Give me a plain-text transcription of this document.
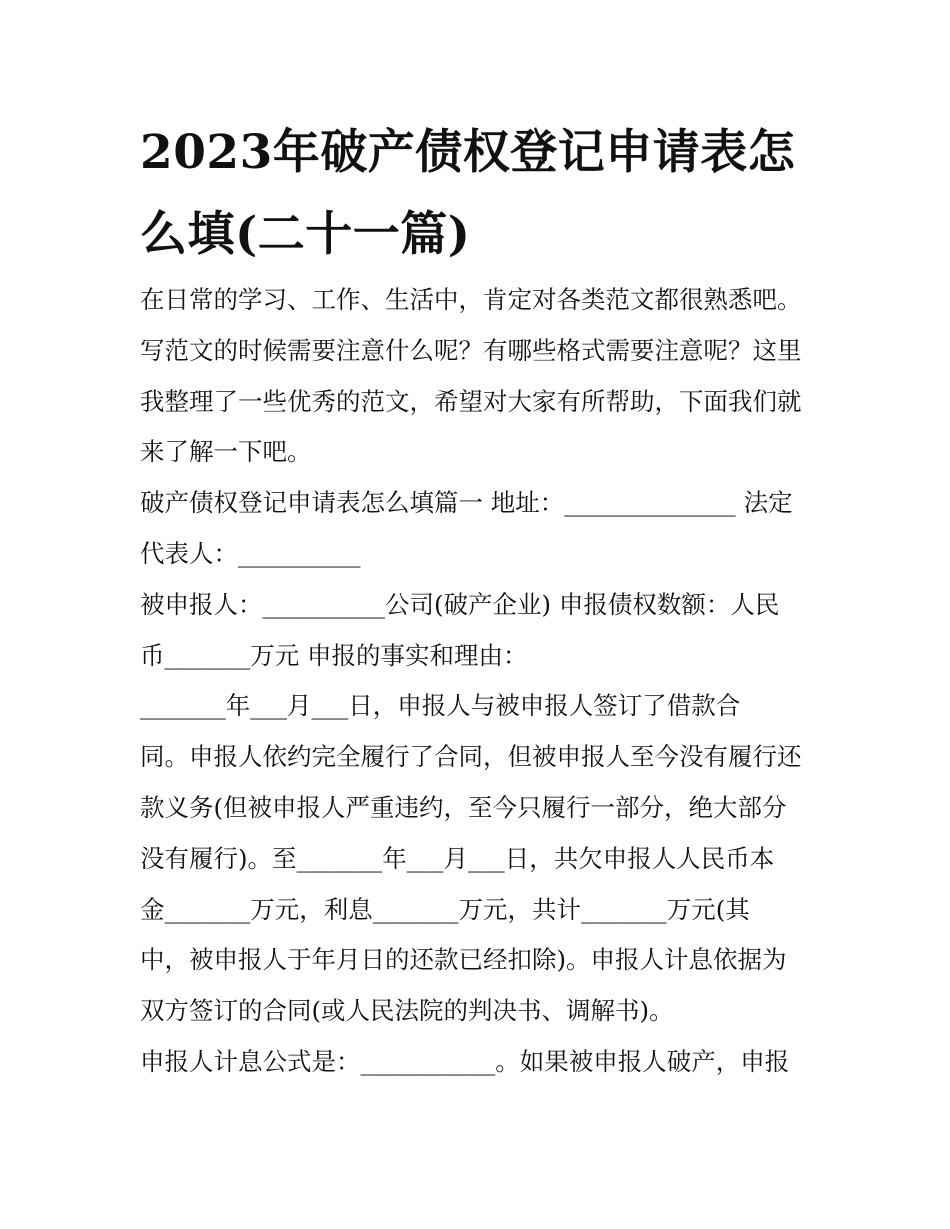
2023年破产债权登记申请表怎
么填(二十一篇)

在日常的学习、工作、生活中，肯定对各类范文都很熟悉吧。
写范文的时候需要注意什么呢？有哪些格式需要注意呢？这里
我整理了一些优秀的范文，希望对大家有所帮助，下面我们就
来了解一下吧。

破产债权登记申请表怎么填篇一 地址：______________ 法定
代表人：__________

被申报人：__________公司(破产企业) 申报债权数额：人民
币_______万元 申报的事实和理由：

_______年___月___日，申报人与被申报人签订了借款合
同。申报人依约完全履行了合同，但被申报人至今没有履行还
款义务(但被申报人严重违约，至今只履行一部分，绝大部分
没有履行)。至_______年___月___日，共欠申报人人民币本
金_______万元，利息_______万元，共计_______万元(其
中，被申报人于年月日的还款已经扣除)。申报人计息依据为
双方签订的合同(或人民法院的判决书、调解书)。

申报人计息公式是：___________。如果被申报人破产，申报
